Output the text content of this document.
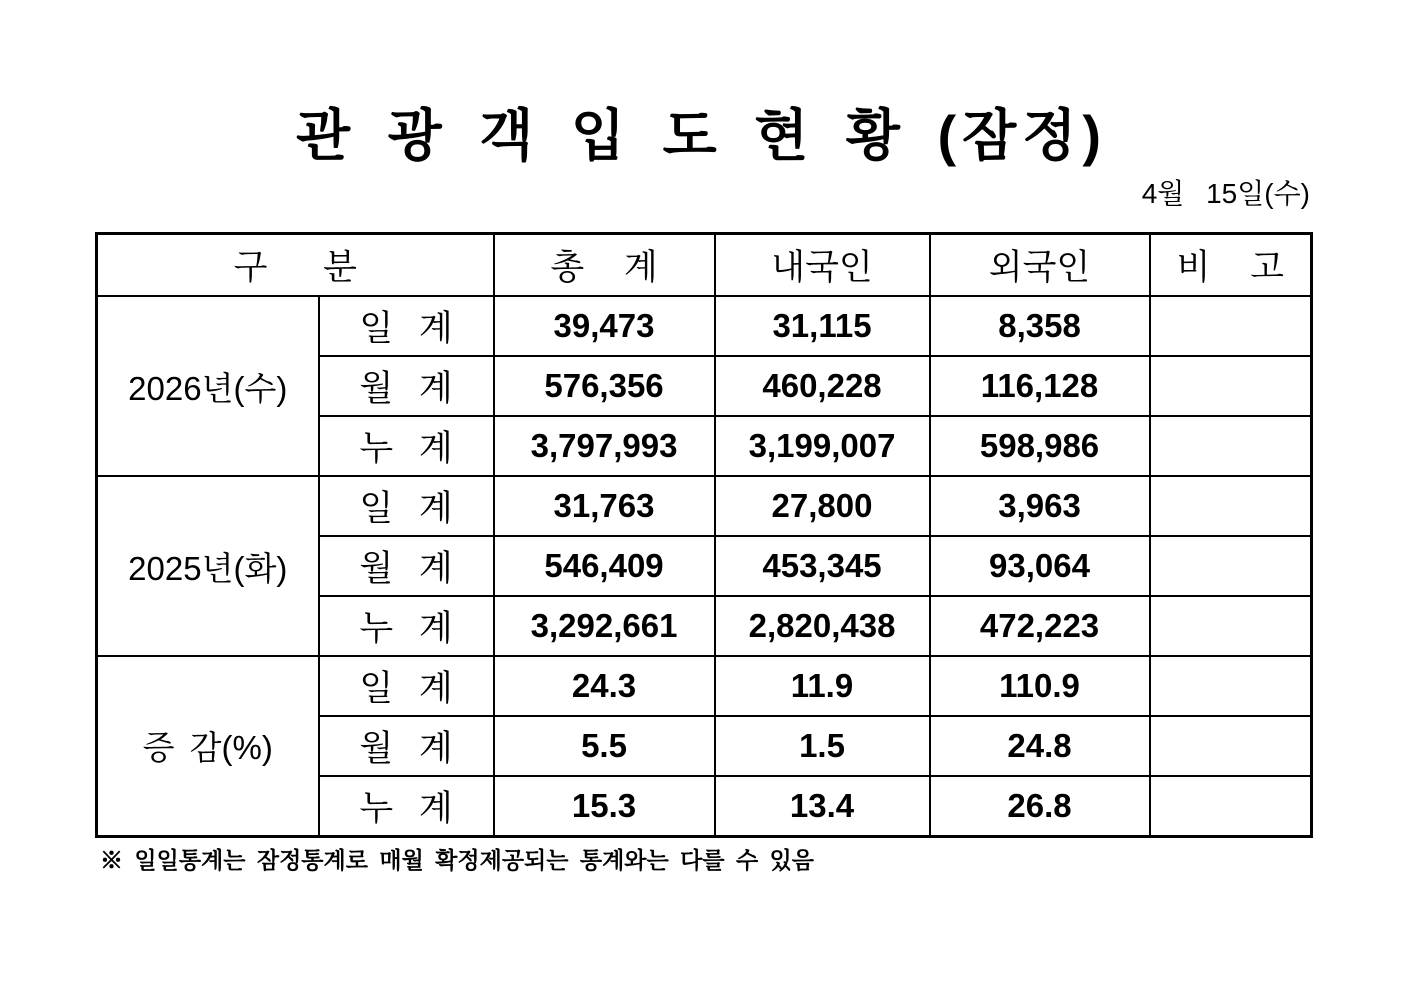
관 광 객 입 도 현 황 (잠정)
4월 15일(수)
구 분		총 계	내국인	외국인	비 고
2026년(수)	일 계	39,473	31,115	8,358	
	월 계	576,356	460,228	116,128	
	누 계	3,797,993	3,199,007	598,986	
2025년(화)	일 계	31,763	27,800	3,963	
	월 계	546,409	453,345	93,064	
	누 계	3,292,661	2,820,438	472,223	
증 감(%)	일 계	24.3	11.9	110.9	
	월 계	5.5	1.5	24.8	
	누 계	15.3	13.4	26.8	
※ 일일통계는 잠정통계로 매월 확정제공되는 통계와는 다를 수 있음
